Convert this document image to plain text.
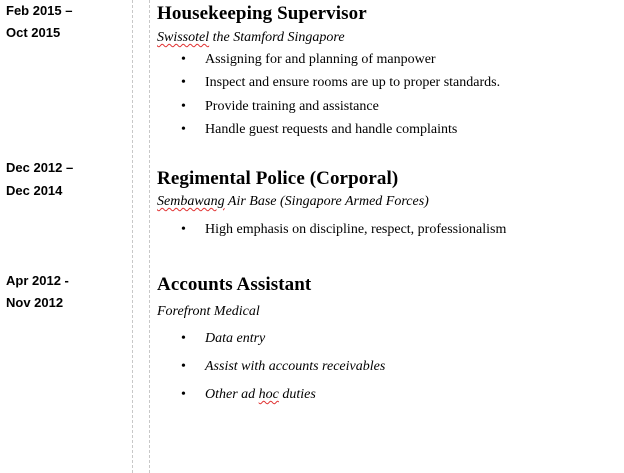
Feb 2015 –
Oct 2015
Housekeeping Supervisor
Swissotel the Stamford Singapore
• Assigning for and planning of manpower
• Inspect and ensure rooms are up to proper standards.
• Provide training and assistance
• Handle guest requests and handle complaints
Dec 2012 –
Dec 2014
Regimental Police (Corporal)
Sembawang Air Base (Singapore Armed Forces)
• High emphasis on discipline, respect, professionalism
Apr 2012 -
Nov 2012
Accounts Assistant
Forefront Medical
• Data entry
• Assist with accounts receivables
• Other ad hoc duties
